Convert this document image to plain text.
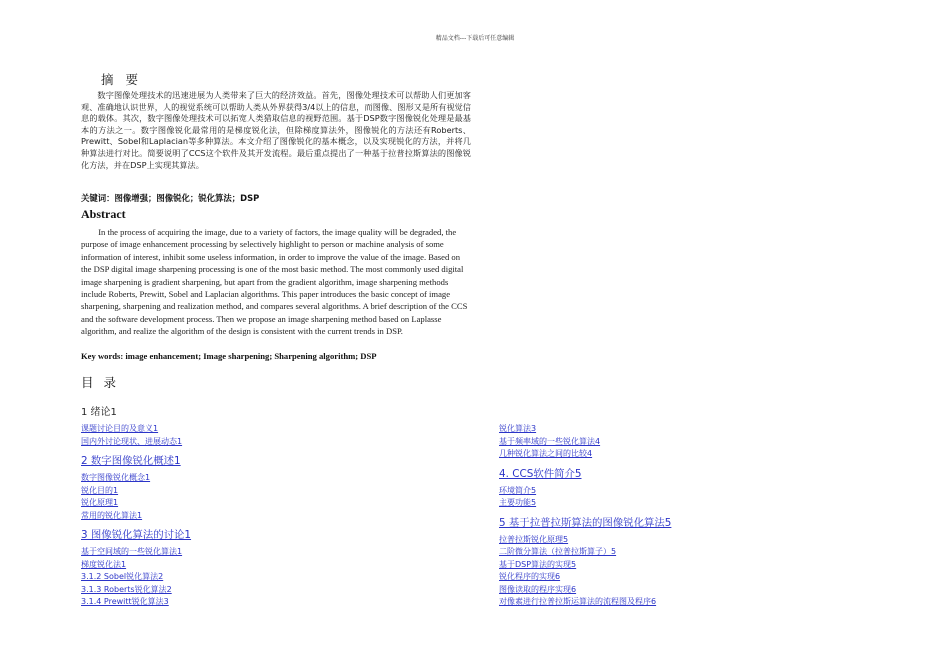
精品文档---下载后可任意编辑
摘要

数字图像处理技术的迅速进展为人类带来了巨大的经济效益。首先，图像处理技术可以帮助人们更加客观、准确地认识世界，人的视觉系统可以帮助人类从外界获得3/4以上的信息，而图像、图形又是所有视觉信息的载体。其次，数字图像处理技术可以拓宽人类猎取信息的视野范围。基于DSP数字图像锐化处理是最基本的方法之一。数字图像锐化最常用的是梯度锐化法，但除梯度算法外，图像锐化的方法还有Roberts、Prewitt、Sobel和Laplacian等多种算法。本文介绍了图像锐化的基本概念，以及实现锐化的方法，并将几种算法进行对比。简要说明了CCS这个软件及其开发流程。最后重点提出了一种基于拉普拉斯算法的图像锐化方法，并在DSP上实现其算法。

关键词：图像增强；图像锐化；锐化算法；DSP
Abstract

In the process of acquiring the image, due to a variety of factors, the image quality will be degraded, the purpose of image enhancement processing by selectively highlight to person or machine analysis of some information of interest, inhibit some useless information, in order to improve the value of the image. Based on the DSP digital image sharpening processing is one of the most basic method. The most commonly used digital image sharpening is gradient sharpening, but apart from the gradient algorithm, image sharpening methods include Roberts, Prewitt, Sobel and Laplacian algorithms. This paper introduces the basic concept of image sharpening, sharpening and realization method, and compares several algorithms. A brief description of the CCS and the software development process. Then we propose an image sharpening method based on Laplasse algorithm, and realize the algorithm of the design is consistent with the current trends in DSP.

Key words: image enhancement; Image sharpening; Sharpening algorithm; DSP
目录
1 绪论1
课题讨论目的及意义1
国内外讨论现状、进展动态1
2 数字图像锐化概述1
数字图像锐化概念1
锐化目的1
锐化原理1
常用的锐化算法1
3 图像锐化算法的讨论1
基于空间域的一些锐化算法1
梯度锐化法1
3.1.2 Sobel锐化算法2
3.1.3 Roberts锐化算法2
3.1.4 Prewitt锐化算法3
锐化算法3
基于频率域的一些锐化算法4
几种锐化算法之间的比较4
4. CCS软件简介5
环境简介5
主要功能5
5 基于拉普拉斯算法的图像锐化算法5
拉普拉斯锐化原理5
二阶微分算法（拉普拉斯算子）5
基于DSP算法的实现5
锐化程序的实现6
图像读取的程序实现6
对像素进行拉普拉斯运算法的流程图及程序6
